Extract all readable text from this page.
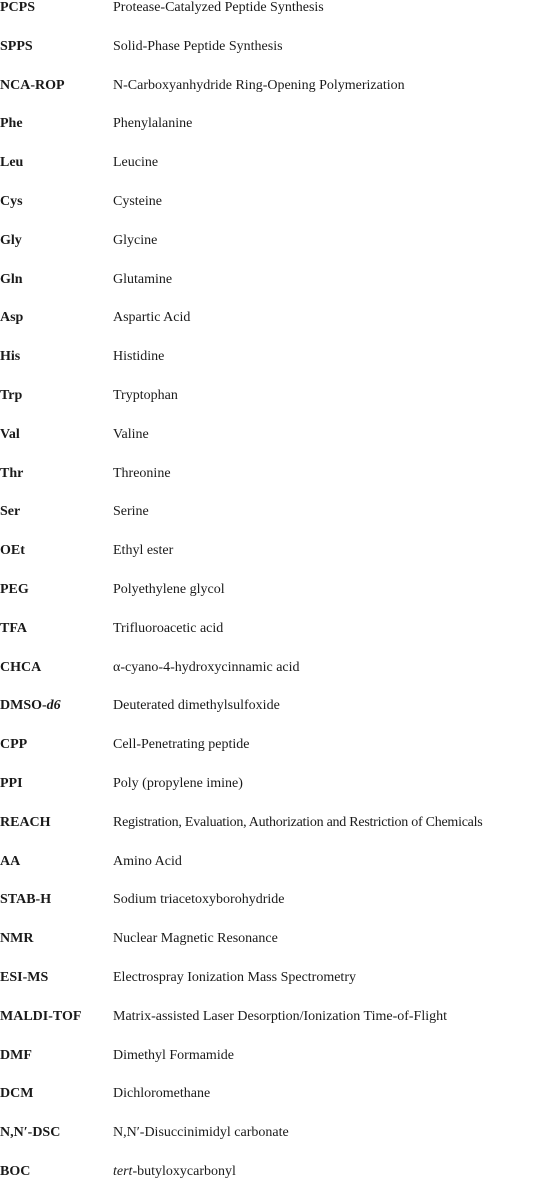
PCPS	Protease-Catalyzed Peptide Synthesis
SPPS	Solid-Phase Peptide Synthesis
NCA-ROP	N-Carboxyanhydride Ring-Opening Polymerization
Phe	Phenylalanine
Leu	Leucine
Cys	Cysteine
Gly	Glycine
Gln	Glutamine
Asp	Aspartic Acid
His	Histidine
Trp	Tryptophan
Val	Valine
Thr	Threonine
Ser	Serine
OEt	Ethyl ester
PEG	Polyethylene glycol
TFA	Trifluoroacetic acid
CHCA	α-cyano-4-hydroxycinnamic acid
DMSO-d6	Deuterated dimethylsulfoxide
CPP	Cell-Penetrating peptide
PPI	Poly (propylene imine)
REACH	Registration, Evaluation, Authorization and Restriction of Chemicals
AA	Amino Acid
STAB-H	Sodium triacetoxyborohydride
NMR	Nuclear Magnetic Resonance
ESI-MS	Electrospray Ionization Mass Spectrometry
MALDI-TOF Matrix-assisted Laser Desorption/Ionization Time-of-Flight
DMF	Dimethyl Formamide
DCM	Dichloromethane
N,N′-DSC	N,N′-Disuccinimidyl carbonate
BOC	tert-butyloxycarbonyl
